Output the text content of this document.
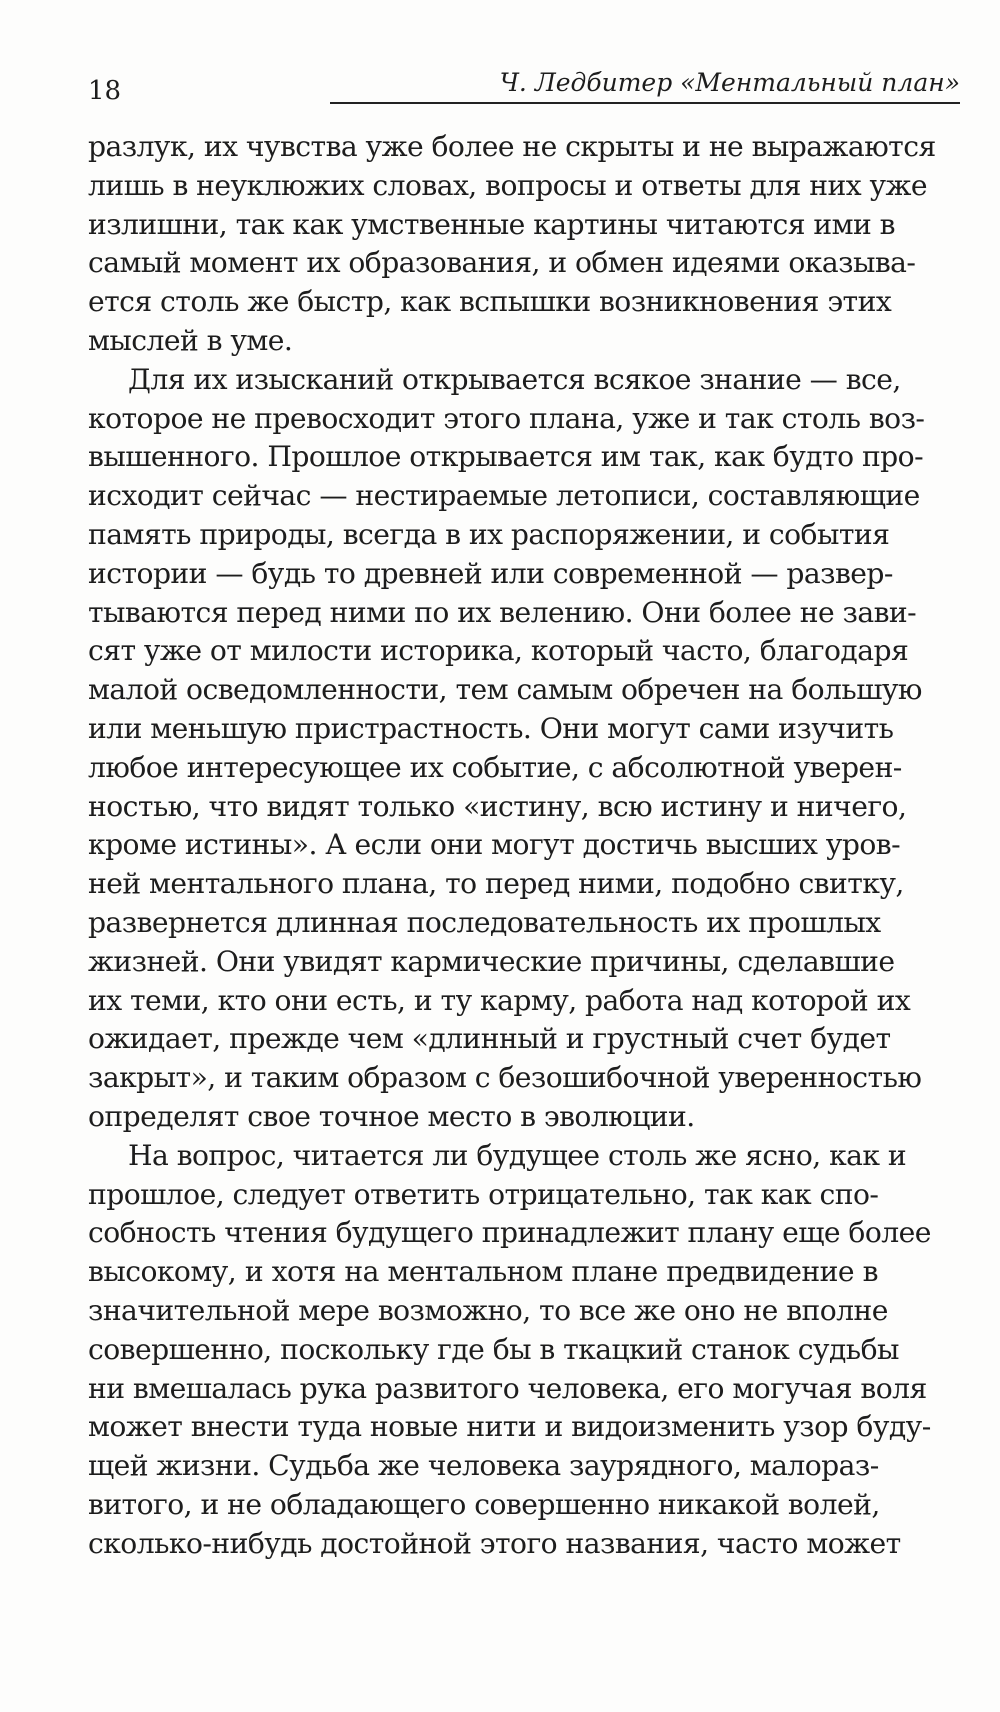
18	Ч. Ледбитер «Ментальный план»
разлук, их чувства уже более не скрыты и не выражаются
лишь в неуклюжих словах, вопросы и ответы для них уже
излишни, так как умственные картины читаются ими в
самый момент их образования, и обмен идеями оказыва-
ется столь же быстр, как вспышки возникновения этих
мыслей в уме.
Для их изысканий открывается всякое знание — все,
которое не превосходит этого плана, уже и так столь воз-
вышенного. Прошлое открывается им так, как будто про-
исходит сейчас — нестираемые летописи, составляющие
память природы, всегда в их распоряжении, и события
истории — будь то древней или современной — развер-
тываются перед ними по их велению. Они более не зави-
сят уже от милости историка, который часто, благодаря
малой осведомленности, тем самым обречен на большую
или меньшую пристрастность. Они могут сами изучить
любое интересующее их событие, с абсолютной уверен-
ностью, что видят только «истину, всю истину и ничего,
кроме истины». А если они могут достичь высших уров-
ней ментального плана, то перед ними, подобно свитку,
развернется длинная последовательность их прошлых
жизней. Они увидят кармические причины, сделавшие
их теми, кто они есть, и ту карму, работа над которой их
ожидает, прежде чем «длинный и грустный счет будет
закрыт», и таким образом с безошибочной уверенностью
определят свое точное место в эволюции.
На вопрос, читается ли будущее столь же ясно, как и
прошлое, следует ответить отрицательно, так как спо-
собность чтения будущего принадлежит плану еще более
высокому, и хотя на ментальном плане предвидение в
значительной мере возможно, то все же оно не вполне
совершенно, поскольку где бы в ткацкий станок судьбы
ни вмешалась рука развитого человека, его могучая воля
может внести туда новые нити и видоизменить узор буду-
щей жизни. Судьба же человека заурядного, малораз-
витого, и не обладающего совершенно никакой волей,
сколько-нибудь достойной этого названия, часто может
